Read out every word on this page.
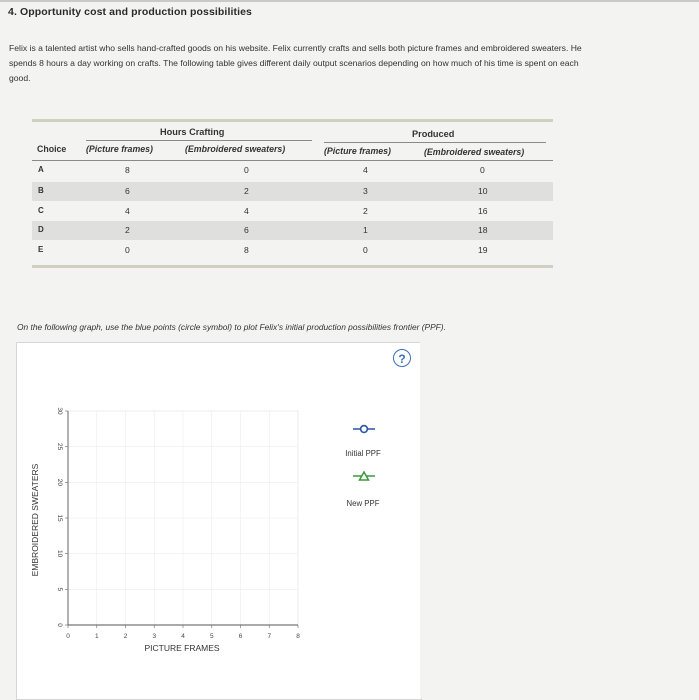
4. Opportunity cost and production possibilities
Felix is a talented artist who sells hand-crafted goods on his website. Felix currently crafts and sells both picture frames and embroidered sweaters. He
spends 8 hours a day working on crafts. The following table gives different daily output scenarios depending on how much of his time is spent on each
good.
Hours Crafting	Produced
Choice (Picture frames)	(Embroidered sweaters)	(Picture frames)	(Embroidered sweaters)
A	8	0	4	0
B	6	2	3	10
C	4	4	2	16
D	2	6	1	18
E	0	8	0	19
On the following graph, use the blue points (circle symbol) to plot Felix's initial production possibilities frontier (PPF).
?
0	1	2	3	4	5	6	7	8
0
5
10
15
20
25
30
PICTURE FRAMES
EMBROIDERED SWEATERS
Initial PPF
New PPF
